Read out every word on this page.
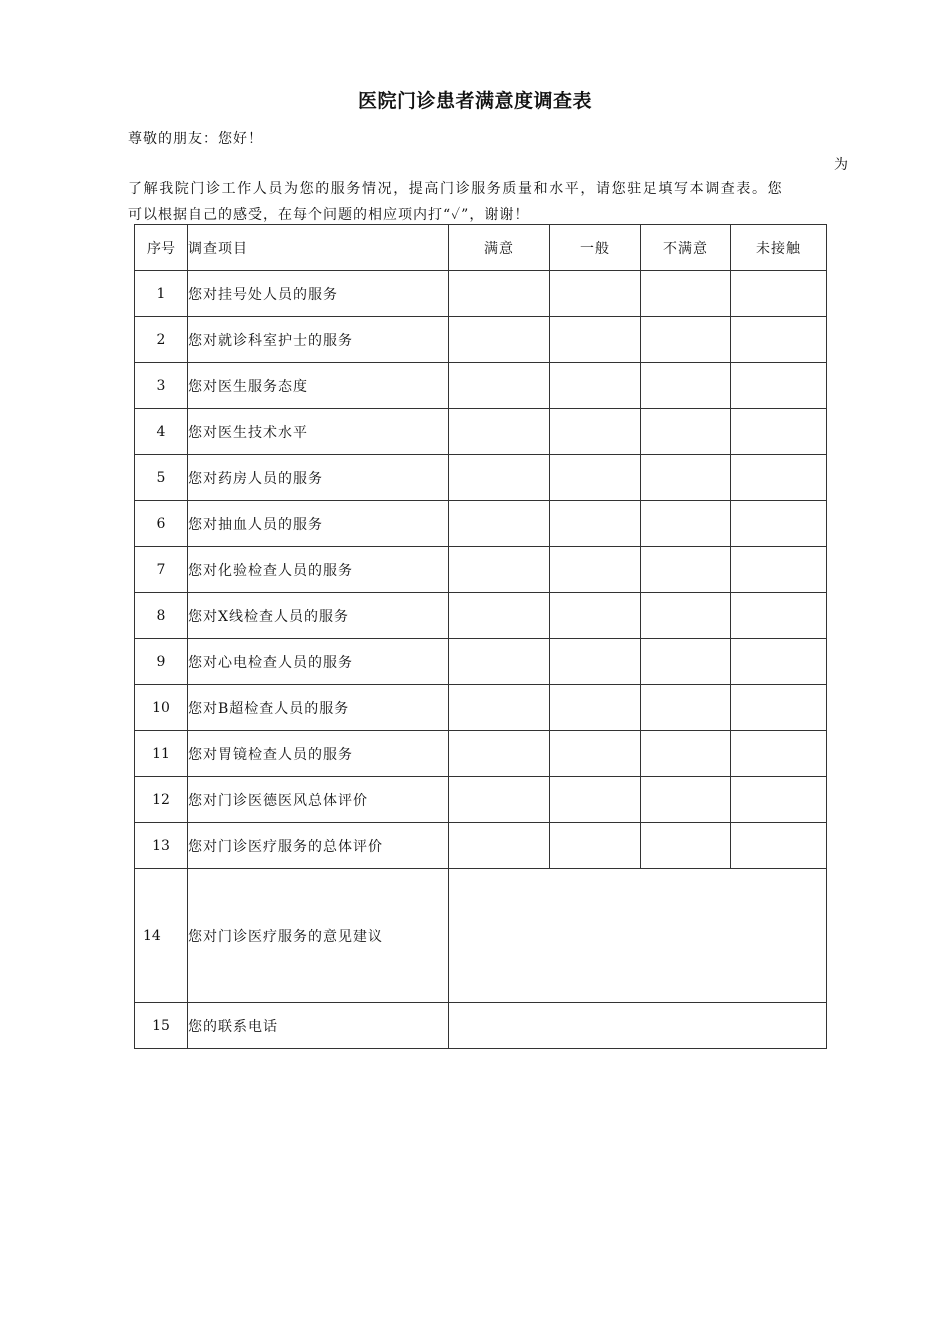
医院门诊患者满意度调查表
尊敬的朋友：您好！
为
了解我院门诊工作人员为您的服务情况，提高门诊服务质量和水平，请您驻足填写本调查表。您
可以根据自己的感受，在每个问题的相应项内打“✓”，谢谢！
序号	调查项目	满意	一般	不满意	未接触
1	您对挂号处人员的服务				
2	您对就诊科室护士的服务				
3	您对医生服务态度				
4	您对医生技术水平				
5	您对药房人员的服务				
6	您对抽血人员的服务				
7	您对化验检查人员的服务				
8	您对X线检查人员的服务				
9	您对心电检查人员的服务				
10	您对B超检查人员的服务				
11	您对胃镜检查人员的服务				
12	您对门诊医德医风总体评价				
13	您对门诊医疗服务的总体评价				
14	您对门诊医疗服务的意见建议				
15	您的联系电话				
